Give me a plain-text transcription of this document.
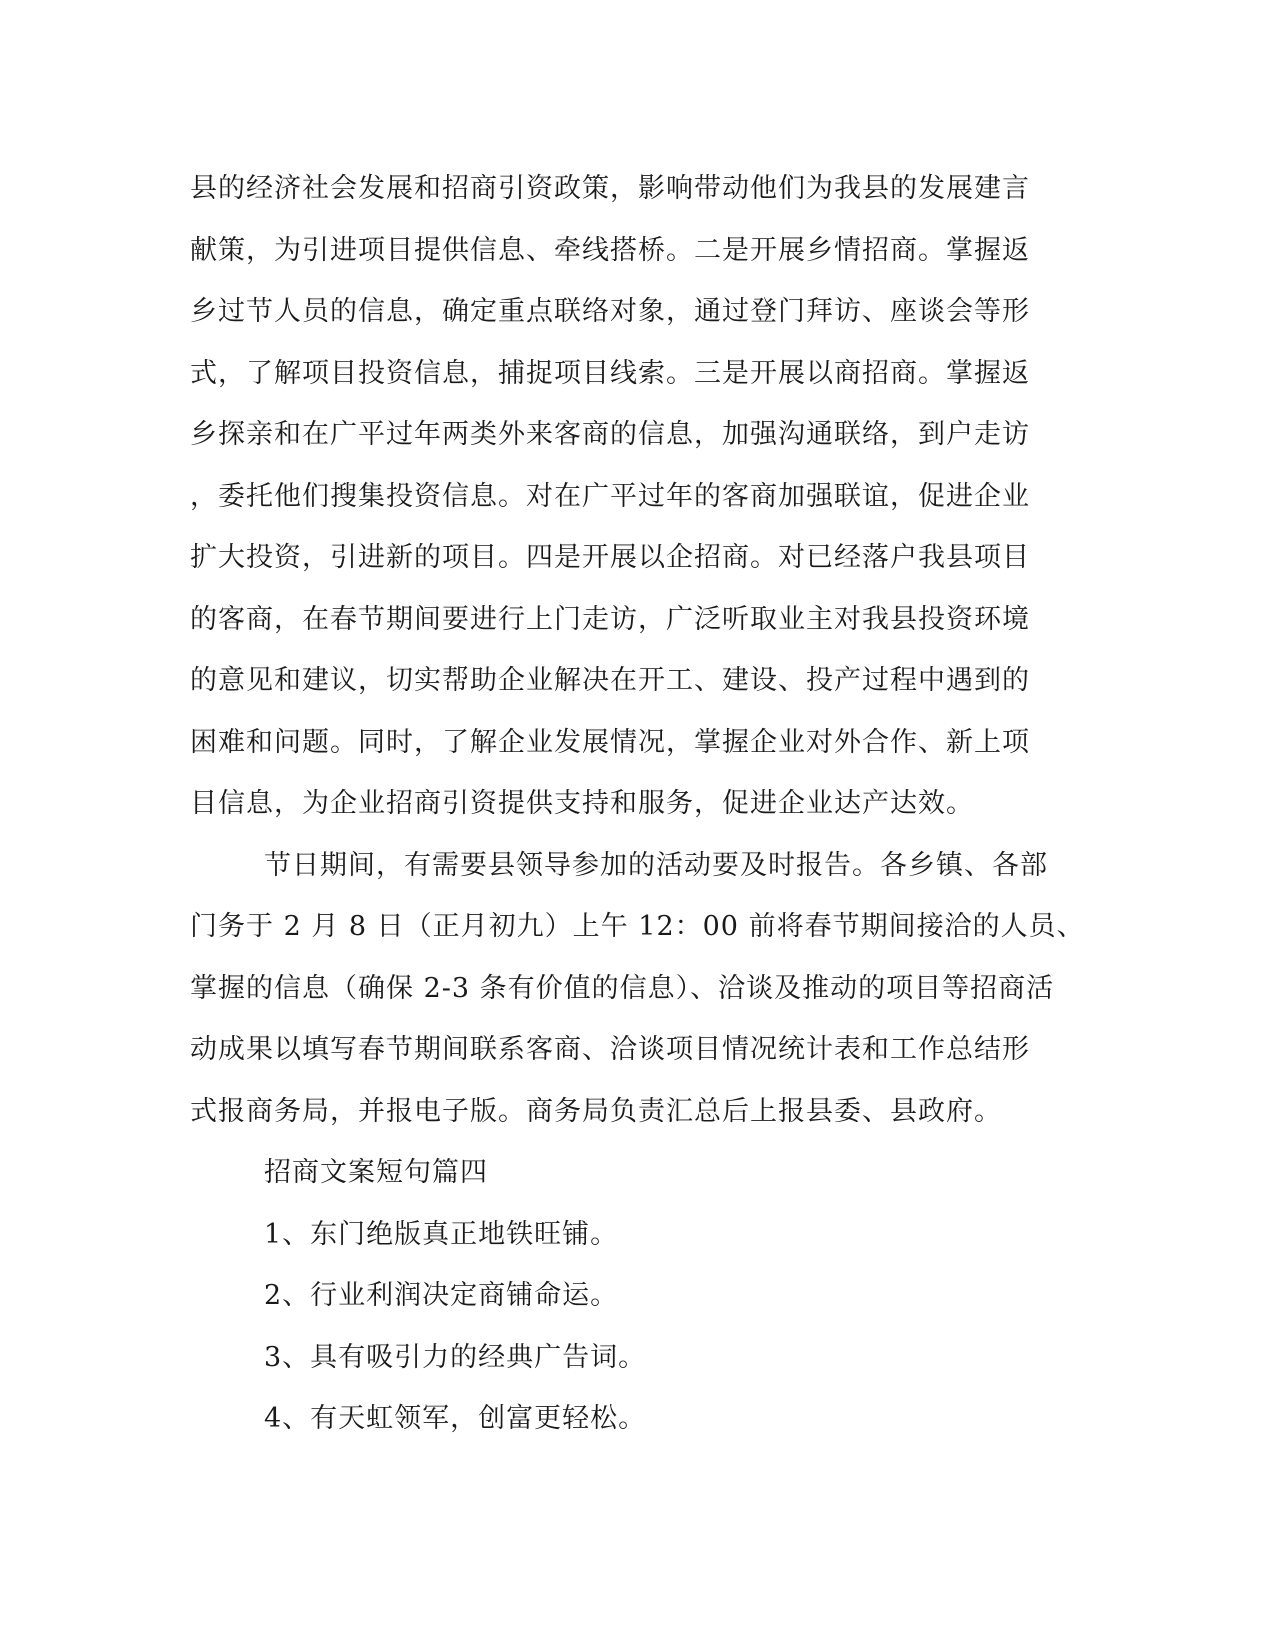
县的经济社会发展和招商引资政策，影响带动他们为我县的发展建言
献策，为引进项目提供信息、牵线搭桥。二是开展乡情招商。掌握返
乡过节人员的信息，确定重点联络对象，通过登门拜访、座谈会等形
式，了解项目投资信息，捕捉项目线索。三是开展以商招商。掌握返
乡探亲和在广平过年两类外来客商的信息，加强沟通联络，到户走访
，委托他们搜集投资信息。对在广平过年的客商加强联谊，促进企业
扩大投资，引进新的项目。四是开展以企招商。对已经落户我县项目
的客商，在春节期间要进行上门走访，广泛听取业主对我县投资环境
的意见和建议，切实帮助企业解决在开工、建设、投产过程中遇到的
困难和问题。同时，了解企业发展情况，掌握企业对外合作、新上项
目信息，为企业招商引资提供支持和服务，促进企业达产达效。
节日期间，有需要县领导参加的活动要及时报告。各乡镇、各部
门务于 2 月 8 日（正月初九）上午 12：00 前将春节期间接洽的人员、
掌握的信息（确保 2-3 条有价值的信息）、洽谈及推动的项目等招商活
动成果以填写春节期间联系客商、洽谈项目情况统计表和工作总结形
式报商务局，并报电子版。商务局负责汇总后上报县委、县政府。
招商文案短句篇四
1、东门绝版真正地铁旺铺。
2、行业利润决定商铺命运。
3、具有吸引力的经典广告词。
4、有天虹领军，创富更轻松。
